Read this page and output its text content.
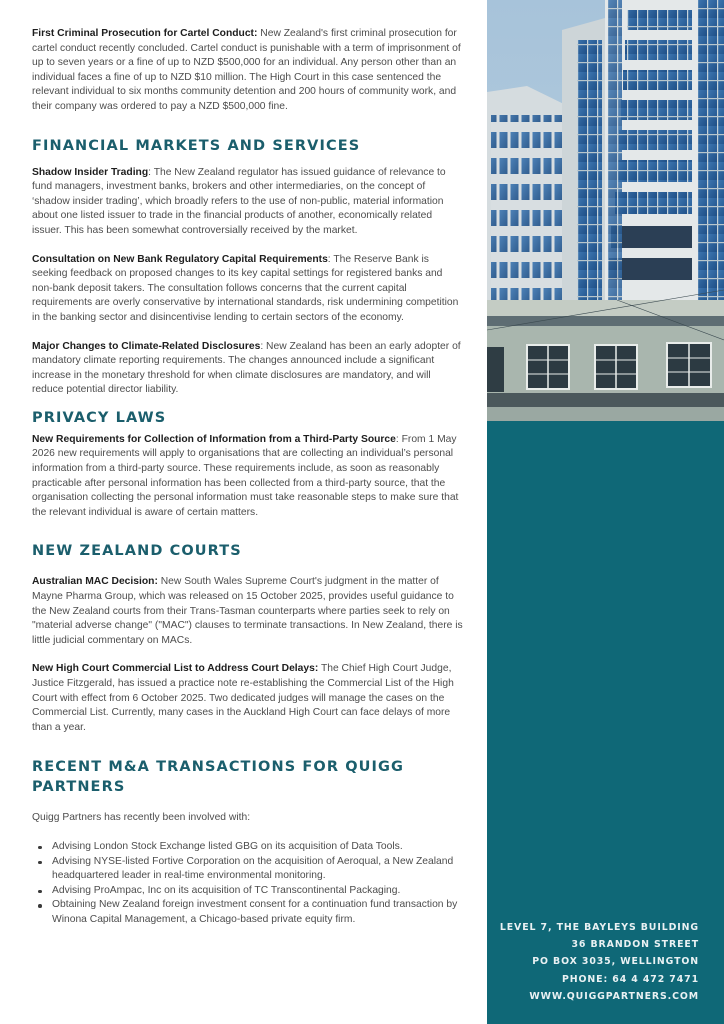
First Criminal Prosecution for Cartel Conduct: New Zealand's first criminal prosecution for cartel conduct recently concluded. Cartel conduct is punishable with a term of imprisonment of up to seven years or a fine of up to NZD $500,000 for an individual. Any person other than an individual faces a fine of up to NZD $10 million. The High Court in this case sentenced the relevant individual to six months community detention and 200 hours of community work, and their company was ordered to pay a NZD $500,000 fine.

FINANCIAL MARKETS AND SERVICES

Shadow Insider Trading: The New Zealand regulator has issued guidance of relevance to fund managers, investment banks, brokers and other intermediaries, on the concept of ‘shadow insider trading’, which broadly refers to the use of non-public, material information about one listed issuer to trade in the financial products of another, economically related issuer. This has been somewhat controversially received by the market.

Consultation on New Bank Regulatory Capital Requirements: The Reserve Bank is seeking feedback on proposed changes to its key capital settings for registered banks and non-bank deposit takers. The consultation follows concerns that the current capital requirements are overly conservative by international standards, risk undermining competition in the banking sector and disincentivise lending to certain sectors of the economy.

Major Changes to Climate-Related Disclosures: New Zealand has been an early adopter of mandatory climate reporting requirements. The changes announced include a significant increase in the monetary threshold for when climate disclosures are mandatory, and will reduce potential director liability.

PRIVACY LAWS

New Requirements for Collection of Information from a Third-Party Source: From 1 May 2026 new requirements will apply to organisations that are collecting an individual’s personal information from a third-party source. These requirements include, as soon as reasonably practicable after personal information has been collected from a third-party source, that the organisation collecting the personal information must take reasonable steps to make sure that the relevant individual is aware of certain matters.

NEW ZEALAND COURTS

Australian MAC Decision: New South Wales Supreme Court's judgment in the matter of Mayne Pharma Group, which was released on 15 October 2025, provides useful guidance to the New Zealand courts from their Trans-Tasman counterparts where parties seek to rely on "material adverse change" ("MAC") clauses to terminate transactions. In New Zealand, there is little judicial commentary on MACs.

New High Court Commercial List to Address Court Delays: The Chief High Court Judge, Justice Fitzgerald, has issued a practice note re-establishing the Commercial List of the High Court with effect from 6 October 2025. Two dedicated judges will manage the cases on the Commercial List. Currently, many cases in the Auckland High Court can face delays of more than a year.

RECENT M&A TRANSACTIONS FOR QUIGG PARTNERS

Quigg Partners has recently been involved with:

Advising London Stock Exchange listed GBG on its acquisition of Data Tools.
Advising NYSE-listed Fortive Corporation on the acquisition of Aeroqual, a New Zealand headquartered leader in real-time environmental monitoring.
Advising ProAmpac, Inc on its acquisition of TC Transcontinental Packaging.
Obtaining New Zealand foreign investment consent for a continuation fund transaction by Winona Capital Management, a Chicago-based private equity firm.
LEVEL 7, THE BAYLEYS BUILDING
36 BRANDON STREET
PO BOX 3035, WELLINGTON
PHONE: 64 4 472 7471
WWW.QUIGGPARTNERS.COM
